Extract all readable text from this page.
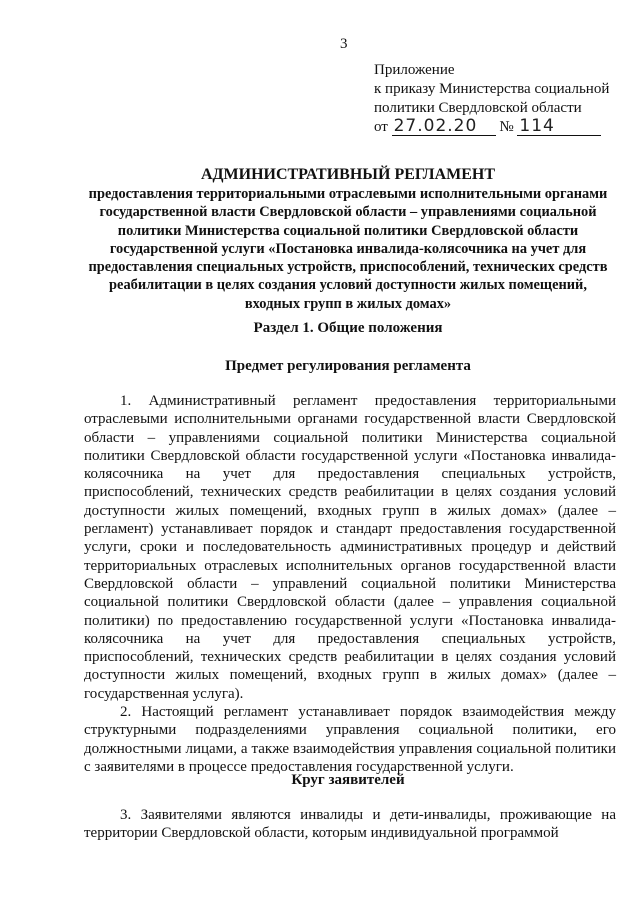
3
Приложение
к приказу Министерства социальной
политики Свердловской области
от 27.02.20 № 114
АДМИНИСТРАТИВНЫЙ РЕГЛАМЕНТ
предоставления территориальными отраслевыми исполнительными органами государственной власти Свердловской области – управлениями социальной политики Министерства социальной политики Свердловской области государственной услуги «Постановка инвалида-колясочника на учет для предоставления специальных устройств, приспособлений, технических средств реабилитации в целях создания условий доступности жилых помещений, входных групп в жилых домах»
Раздел 1. Общие положения
Предмет регулирования регламента

1. Административный регламент предоставления территориальными отраслевыми исполнительными органами государственной власти Свердловской области – управлениями социальной политики Министерства социальной политики Свердловской области государственной услуги «Постановка инвалида-колясочника на учет для предоставления специальных устройств, приспособлений, технических средств реабилитации в целях создания условий доступности жилых помещений, входных групп в жилых домах» (далее – регламент) устанавливает порядок и стандарт предоставления государственной услуги, сроки и последовательность административных процедур и действий территориальных отраслевых исполнительных органов государственной власти Свердловской области – управлений социальной политики Министерства социальной политики Свердловской области (далее – управления социальной политики) по предоставлению государственной услуги «Постановка инвалида-колясочника на учет для предоставления специальных устройств, приспособлений, технических средств реабилитации в целях создания условий доступности жилых помещений, входных групп в жилых домах» (далее – государственная услуга).

2. Настоящий регламент устанавливает порядок взаимодействия между структурными подразделениями управления социальной политики, его должностными лицами, а также взаимодействия управления социальной политики с заявителями в процессе предоставления государственной услуги.

Круг заявителей

3. Заявителями являются инвалиды и дети-инвалиды, проживающие на территории Свердловской области, которым индивидуальной программой
